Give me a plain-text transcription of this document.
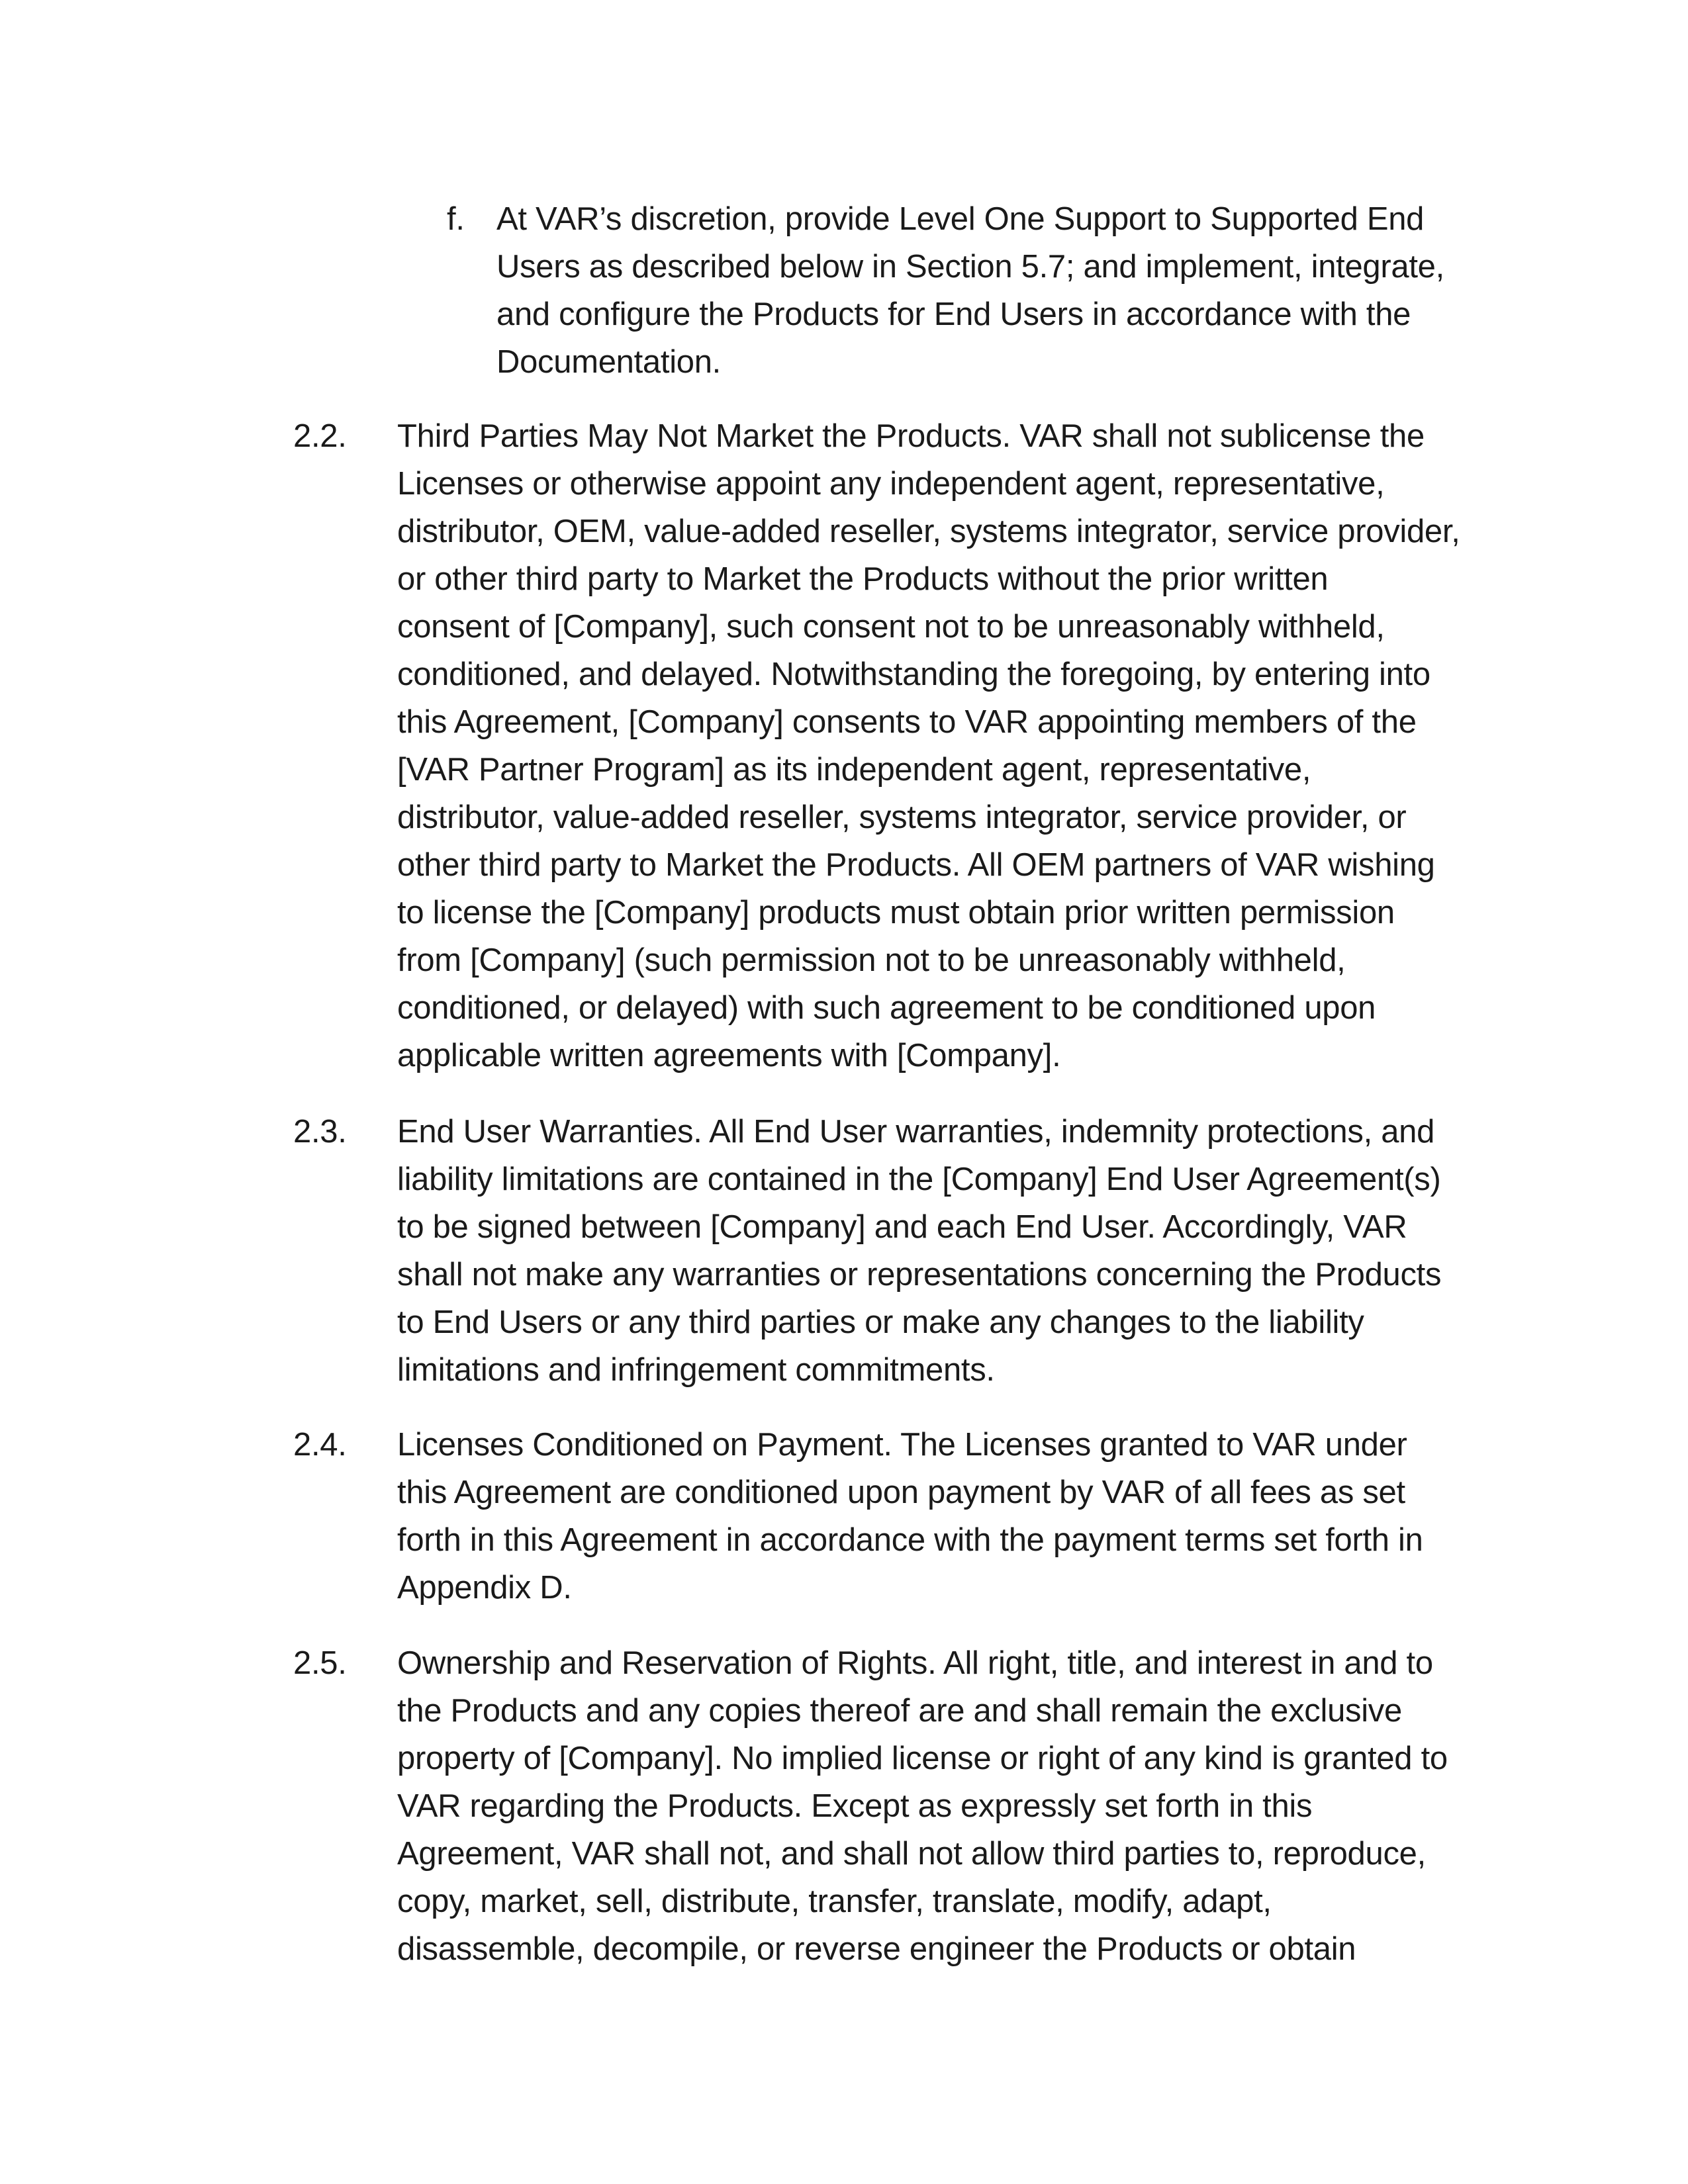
f. At VAR’s discretion, provide Level One Support to Supported End
Users as described below in Section 5.7; and implement, integrate,
and configure the Products for End Users in accordance with the
Documentation.
2.2. Third Parties May Not Market the Products. VAR shall not sublicense the
Licenses or otherwise appoint any independent agent, representative,
distributor, OEM, value-added reseller, systems integrator, service provider,
or other third party to Market the Products without the prior written
consent of [Company], such consent not to be unreasonably withheld,
conditioned, and delayed. Notwithstanding the foregoing, by entering into
this Agreement, [Company] consents to VAR appointing members of the
[VAR Partner Program] as its independent agent, representative,
distributor, value-added reseller, systems integrator, service provider, or
other third party to Market the Products. All OEM partners of VAR wishing
to license the [Company] products must obtain prior written permission
from [Company] (such permission not to be unreasonably withheld,
conditioned, or delayed) with such agreement to be conditioned upon
applicable written agreements with [Company].
2.3. End User Warranties. All End User warranties, indemnity protections, and
liability limitations are contained in the [Company] End User Agreement(s)
to be signed between [Company] and each End User. Accordingly, VAR
shall not make any warranties or representations concerning the Products
to End Users or any third parties or make any changes to the liability
limitations and infringement commitments.
2.4. Licenses Conditioned on Payment. The Licenses granted to VAR under
this Agreement are conditioned upon payment by VAR of all fees as set
forth in this Agreement in accordance with the payment terms set forth in
Appendix D.
2.5. Ownership and Reservation of Rights. All right, title, and interest in and to
the Products and any copies thereof are and shall remain the exclusive
property of [Company]. No implied license or right of any kind is granted to
VAR regarding the Products. Except as expressly set forth in this
Agreement, VAR shall not, and shall not allow third parties to, reproduce,
copy, market, sell, distribute, transfer, translate, modify, adapt,
disassemble, decompile, or reverse engineer the Products or obtain
